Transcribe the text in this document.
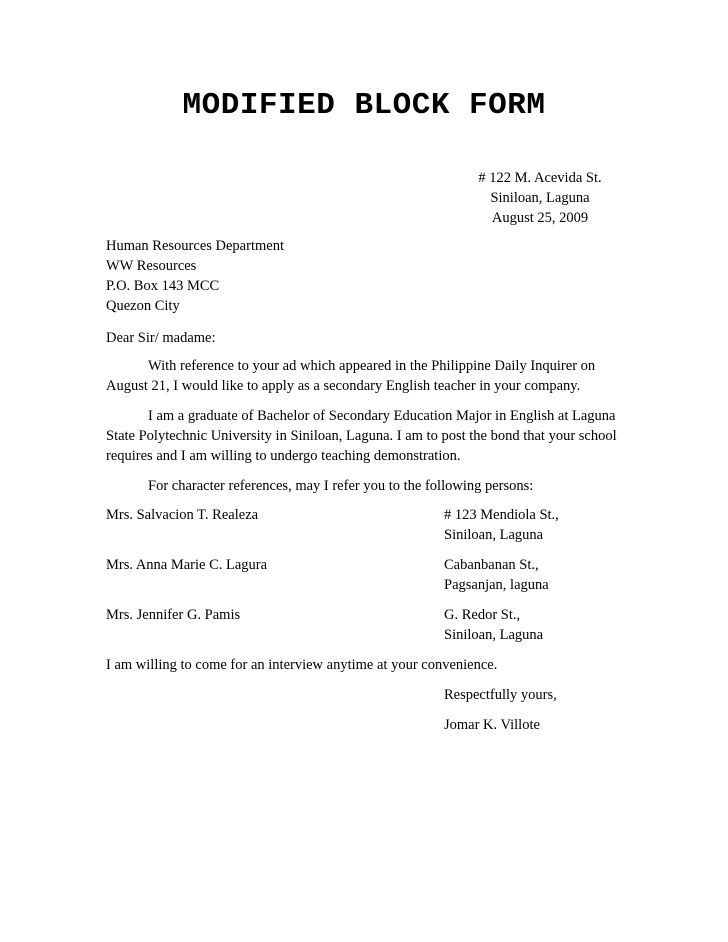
MODIFIED BLOCK FORM
# 122 M. Acevida St.
Siniloan, Laguna
August 25, 2009
Human Resources Department
WW Resources
P.O. Box 143 MCC
Quezon City
Dear Sir/ madame:
With reference to your ad which appeared in the Philippine Daily Inquirer on
August 21, I would like to apply as a secondary English teacher in your company.
I am a graduate of Bachelor of Secondary Education Major in English at Laguna
State Polytechnic University in Siniloan, Laguna. I am to post the bond that your school
requires and I am willing to undergo teaching demonstration.
For character references, may I refer you to the following persons:
Mrs. Salvacion T. Realeza	# 123 Mendiola St.,
Siniloan, Laguna
Mrs. Anna Marie C. Lagura	Cabanbanan St.,
Pagsanjan, laguna
Mrs. Jennifer G. Pamis	G. Redor St.,
Siniloan, Laguna
I am willing to come for an interview anytime at your convenience.
Respectfully yours,
Jomar K. Villote
